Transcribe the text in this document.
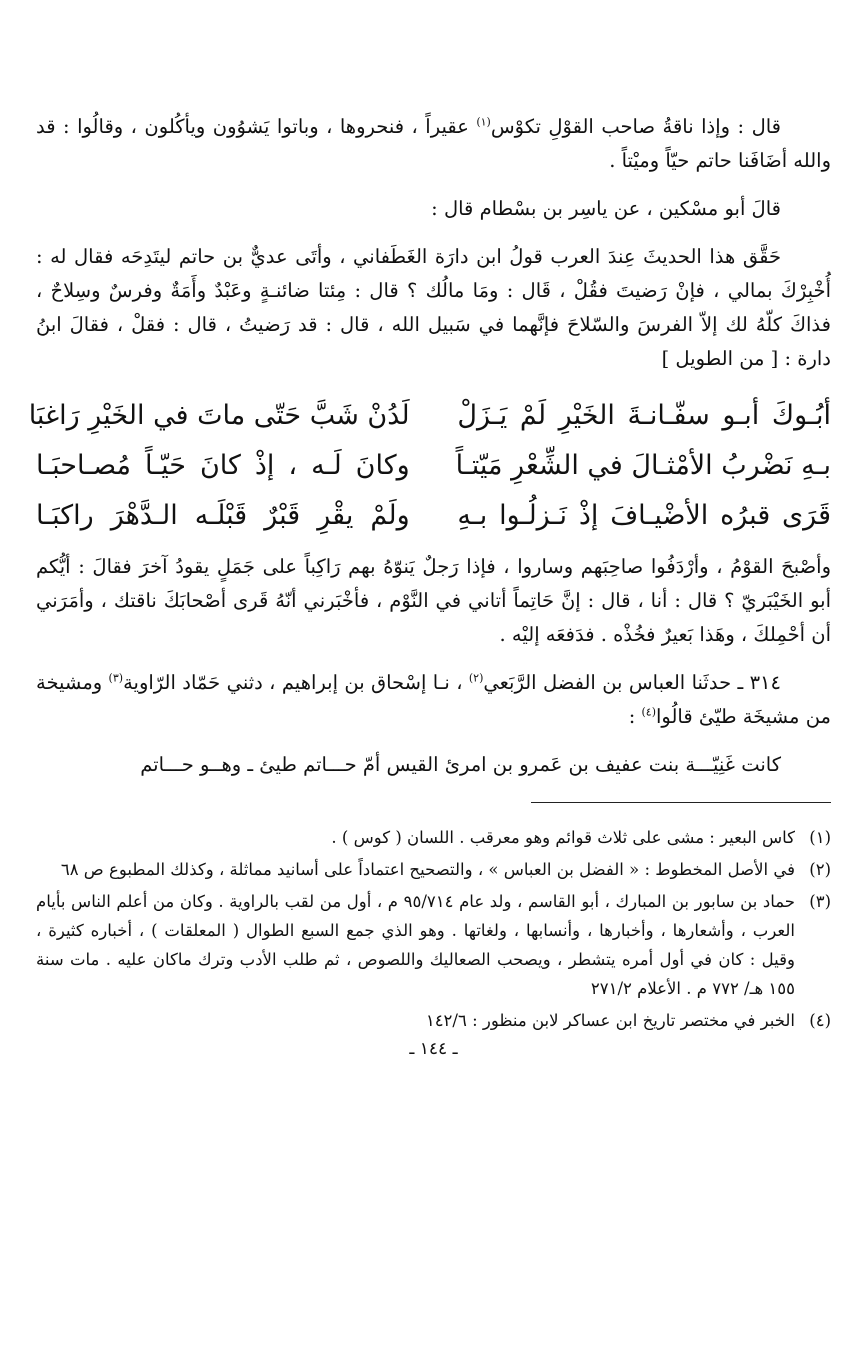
قال : وإذا ناقةُ صاحب القوْلِ تكوْس$^{(١)}$ عقيراً ، فنحروها ، وباتوا يَشوُون ويأكُلون ، وقالُوا : قد والله أضَافَنا حاتم حيّاً وميْتاً .

قالَ أبو مسْكين ، عن ياسِر بن بسْطام قال :

حَقَّق هذا الحديثَ عِندَ العرب قولُ ابن دارَة الغَطَفاني ، وأتَى عديٌّ بن حاتم ليتَدِحَه فقال له : أُخْبِرْكَ بمالي ، فإنْ رَضيتَ فقُلْ ، قَال : ومَا مالُك ؟ قال : مِئتا ضائنـةٍ وعَبْدٌ وأَمَةٌ وفرسٌ وسِلاحٌ ، فذاكَ كلّهُ لك إلاّ الفرسَ والسّلاحَ فإنَّهما في سَبيل الله ، قال : قد رَضيتُ ، قال : فقلْ ، فقالَ ابنُ دارة : [ من الطويل ]

أبُـوكَ أبـو سفّـانـةَ الخَيْرِ لَمْ يَـزَلْ
لَدُنْ شَبَّ حَتّى ماتَ في الخَيْرِ رَاغبَا
بـهِ نَضْربُ الأمْثـالَ في الشِّعْرِ مَيّتـاً
وكانَ لَـه ، إذْ كانَ حَيّـاً مُصـاحبَـا
قَرَى قبرُه الأضْيـافَ إذْ نَـزلُـوا بـهِ
ولَمْ يقْرِ قَبْرٌ قَبْلَـه الـدَّهْرَ راكبَـا

وأصْبحَ القوْمُ ، وأرْدَفُوا صاحِبَهم وساروا ، فإذا رَجلٌ يَنوّهُ بهم رَاكِباً على جَمَلٍ يقودُ آخرَ فقالَ : أيُّكم أبو الخَيْبَريّ ؟ قال : أنا ، قال : إنَّ حَاتِماً أتاني في النَّوْم ، فأخْبَرني أنّهُ قَرى أصْحابَكَ ناقتك ، وأمَرَني أن أحْمِلكَ ، وهَذا بَعيرٌ فخُذْه . فدَفعَه إليْه .

٣١٤ ـ حدثَنا العباس بن الفضل الرَّبَعي$^{(٢)}$ ، نـا إسْحاق بن إبراهيم ، دثني حَمّاد الرّاوية$^{(٣)}$ ومشيخة من مشيخَة طيّئ قالُوا$^{(٤)}$ :

كانت غَنِيّـــة بنت عفيف بن عَمرو بن امرئ القيس أمّ حـــاتم طيئ ـ وهــو حـــاتم

(١)
كاس البعير : مشى على ثلاث قوائم وهو معرقب . اللسان ( كوس ) .
(٢)
في الأصل المخطوط : « الفضل بن العباس » ، والتصحيح اعتماداً على أسانيد مماثلة ، وكذلك المطبوع ص ٦٨
(٣)
حماد بن سابور بن المبارك ، أبو القاسم ، ولد عام ٩٥/٧١٤ م ، أول من لقب بالراوية . وكان من أعلم الناس بأيام العرب ، وأشعارها ، وأخبارها ، وأنسابها ، ولغاتها . وهو الذي جمع السبع الطوال ( المعلقات ) ، أخباره كثيرة ، وقيل : كان في أول أمره يتشطر ، ويصحب الصعاليك واللصوص ، ثم طلب الأدب وترك ماكان عليه . مات سنة ١٥٥ هـ/ ٧٧٢ م . الأعلام ٢٧١/٢
(٤)
الخبر في مختصر تاريخ ابن عساكر لابن منظور : ١٤٢/٦
ـ ١٤٤ ـ
